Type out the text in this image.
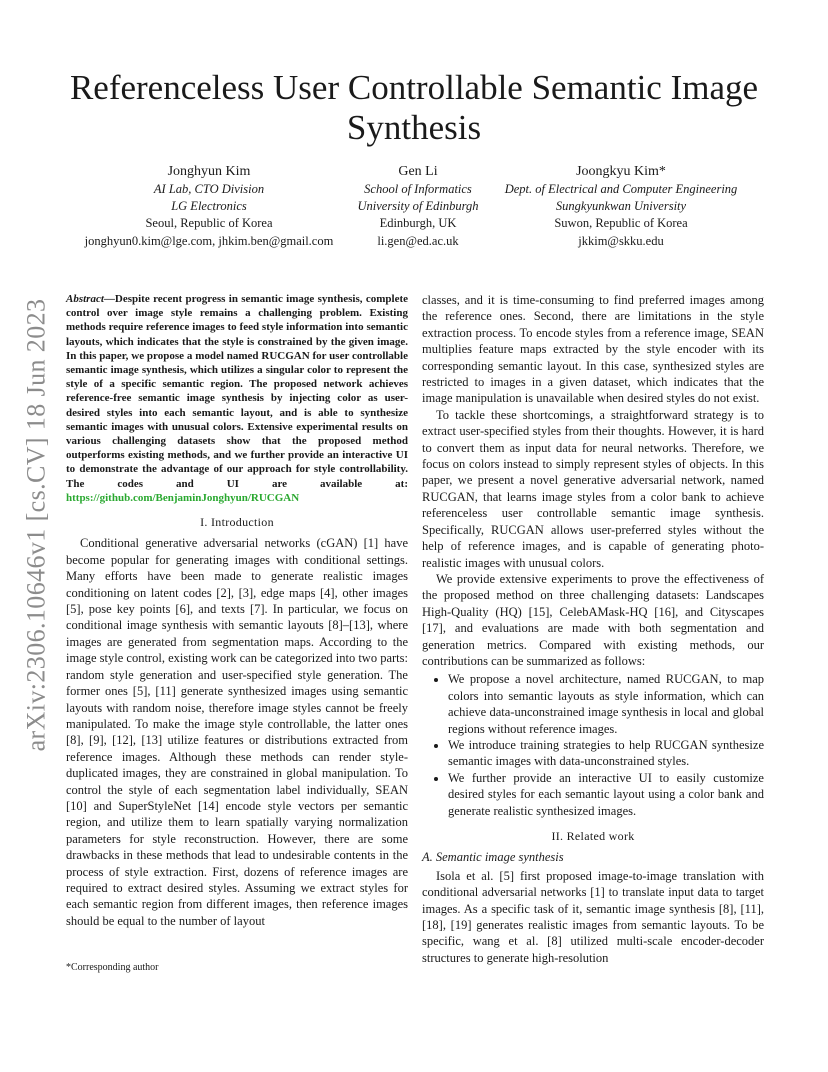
Referenceless User Controllable Semantic Image Synthesis
Jonghyun Kim
AI Lab, CTO Division
LG Electronics
Seoul, Republic of Korea
jonghyun0.kim@lge.com, jhkim.ben@gmail.com
Gen Li
School of Informatics
University of Edinburgh
Edinburgh, UK
li.gen@ed.ac.uk
Joongkyu Kim*
Dept. of Electrical and Computer Engineering
Sungkyunkwan University
Suwon, Republic of Korea
jkkim@skku.edu
arXiv:2306.10646v1 [cs.CV] 18 Jun 2023 Abstract—Despite recent progress in semantic image synthesis, complete control over image style remains a challenging problem. Existing methods require reference images to feed style information into semantic layouts, which indicates that the style is constrained by the given image. In this paper, we propose a model named RUCGAN for user controllable semantic image synthesis, which utilizes a singular color to represent the style of a specific semantic region. The proposed network achieves reference-free semantic image synthesis by injecting color as user-desired styles into each semantic layout, and is able to synthesize semantic images with unusual colors. Extensive experimental results on various challenging datasets show that the proposed method outperforms existing methods, and we further provide an interactive UI to demonstrate the advantage of our approach for style controllability. The codes and UI are available at: https://github.com/BenjaminJonghyun/RUCGAN

I. Introduction

Conditional generative adversarial networks (cGAN) [1] have become popular for generating images with conditional settings. Many efforts have been made to generate realistic images conditioning on latent codes [2], [3], edge maps [4], other images [5], pose key points [6], and texts [7]. In particular, we focus on conditional image synthesis with semantic layouts [8]–[13], where images are generated from segmentation maps. According to the image style control, existing work can be categorized into two parts: random style generation and user-specified style generation. The former ones [5], [11] generate synthesized images using semantic layouts with random noise, therefore image styles cannot be freely manipulated. To make the image style controllable, the latter ones [8], [9], [12], [13] utilize features or distributions extracted from reference images. Although these methods can render style-duplicated images, they are constrained in global manipulation. To control the style of each segmentation label individually, SEAN [10] and SuperStyleNet [14] encode style vectors per semantic region, and utilize them to learn spatially varying normalization parameters for style reconstruction. However, there are some drawbacks in these methods that lead to undesirable contents in the process of style extraction. First, dozens of reference images are required to extract desired styles. Assuming we extract styles for each semantic region from different images, then reference images should be equal to the number of layout

classes, and it is time-consuming to find preferred images among the reference ones. Second, there are limitations in the style extraction process. To encode styles from a reference image, SEAN multiplies feature maps extracted by the style encoder with its corresponding semantic layout. In this case, synthesized styles are restricted to images in a given dataset, which indicates that the image manipulation is unavailable when desired styles do not exist.

To tackle these shortcomings, a straightforward strategy is to extract user-specified styles from their thoughts. However, it is hard to convert them as input data for neural networks. Therefore, we focus on colors instead to simply represent styles of objects. In this paper, we present a novel generative adversarial network, named RUCGAN, that learns image styles from a color bank to achieve referenceless user controllable semantic image synthesis. Specifically, RUCGAN allows user-preferred styles without the help of reference images, and is capable of generating photo-realistic images with unusual colors.

We provide extensive experiments to prove the effectiveness of the proposed method on three challenging datasets: Landscapes High-Quality (HQ) [15], CelebAMask-HQ [16], and Cityscapes [17], and evaluations are made with both segmentation and generation metrics. Compared with existing methods, our contributions can be summarized as follows:

• We propose a novel architecture, named RUCGAN, to map colors into semantic layouts as style information, which can achieve data-unconstrained image synthesis in local and global regions without reference images.
• We introduce training strategies to help RUCGAN synthesize semantic images with data-unconstrained styles.
• We further provide an interactive UI to easily customize desired styles for each semantic layout using a color bank and generate realistic synthesized images.
II. Related work
A. Semantic image synthesis

Isola et al. [5] first proposed image-to-image translation with conditional adversarial networks [1] to translate input data to target images. As a specific task of it, semantic image synthesis [8], [11], [18], [19] generates realistic images from semantic layouts. To be specific, wang et al. [8] utilized multi-scale encoder-decoder structures to generate high-resolution

*Corresponding author
